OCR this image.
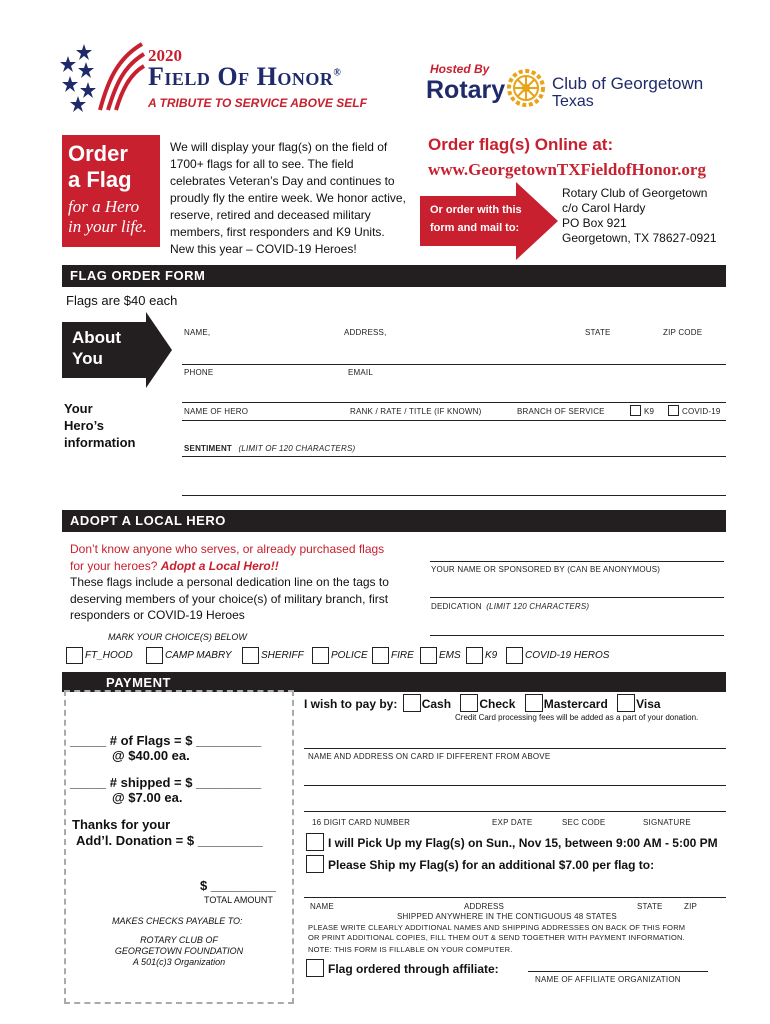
2020
Field Of Honor®
A TRIBUTE TO SERVICE ABOVE SELF
Hosted By
Rotary	Club of Georgetown
Texas
Order
a Flag
for a Hero
in your life.
We will display your flag(s) on the field of 1700+ flags for all to see. The field celebrates Veteran’s Day and continues to proudly fly the entire week. We honor active, reserve, retired and deceased military members, first responders and K9 Units. New this year – COVID-19 Heroes!
Order flag(s) Online at:
www.GeorgetownTXFieldofHonor.org
Or order with this
form and mail to:
Rotary Club of Georgetown
c/o Carol Hardy
PO Box 921
Georgetown, TX 78627-0921
FLAG ORDER FORM
Flags are $40 each
About
You
NAME,	ADDRESS,	STATE	ZIP CODE
PHONE	EMAIL
Your
Hero’s
information
NAME OF HERO	RANK / RATE / TITLE (IF KNOWN)	BRANCH OF SERVICE	K9	COVID-19
SENTIMENT (LIMIT OF 120 CHARACTERS)
ADOPT A LOCAL HERO
Don’t know anyone who serves, or already purchased flags for your heroes? Adopt a Local Hero!!
These flags include a personal dedication line on the tags to deserving members of your choice(s) of military branch, first responders or COVID-19 Heroes
YOUR NAME OR SPONSORED BY (CAN BE ANONYMOUS)
DEDICATION (LIMIT 120 CHARACTERS)
MARK YOUR CHOICE(S) BELOW
FT_HOOD	CAMP MABRY	SHERIFF	POLICE FIRE	EMS K9	COVID-19 HEROS
PAYMENT
_____ # of Flags = $ _________
@ $40.00 ea.
_____ # shipped = $ _________
@ $7.00 ea.
Thanks for your
Add’l. Donation = $ _________
$ _________
TOTAL AMOUNT
MAKES CHECKS PAYABLE TO:
ROTARY CLUB OF
GEORGETOWN FOUNDATION
A 501(c)3 Organization
I wish to pay by: Cash Check Mastercard Visa
Credit Card processing fees will be added as a part of your donation.
NAME AND ADDRESS ON CARD IF DIFFERENT FROM ABOVE
16 DIGIT CARD NUMBER	EXP DATE	SEC CODE	SIGNATURE
I will Pick Up my Flag(s) on Sun., Nov 15, between 9:00 AM - 5:00 PM
Please Ship my Flag(s) for an additional $7.00 per flag to:
NAME	ADDRESS	STATE	ZIP
SHIPPED ANYWHERE IN THE CONTIGUOUS 48 STATES
PLEASE WRITE CLEARLY ADDITIONAL NAMES AND SHIPPING ADDRESSES ON BACK OF THIS FORM
OR PRINT ADDITIONAL COPIES, FILL THEM OUT & SEND TOGETHER WITH PAYMENT INFORMATION.
NOTE: THIS FORM IS FILLABLE ON YOUR COMPUTER.
Flag ordered through affiliate:
NAME OF AFFILIATE ORGANIZATION
